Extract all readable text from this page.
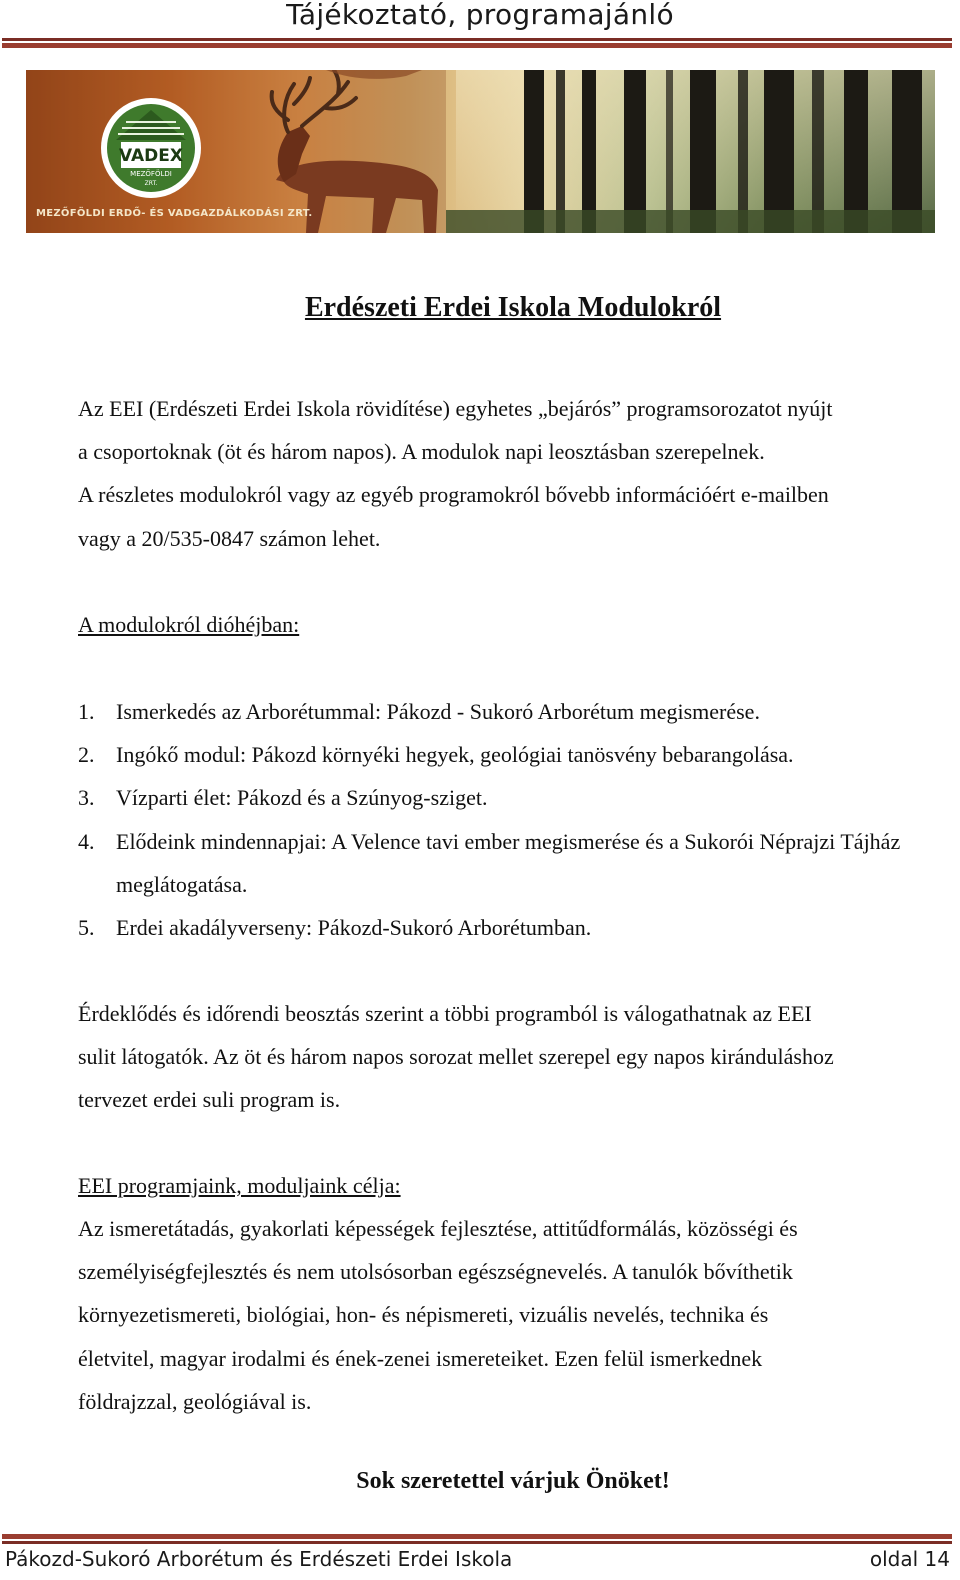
Tájékoztató, programajánló
VADEX
MEZŐFÖLDI
ZRT.
MEZŐFÖLDI ERDŐ- ÉS VADGAZDÁLKODÁSI ZRT.
Erdészeti Erdei Iskola Modulokról
Az EEI (Erdészeti Erdei Iskola rövidítése) egyhetes „bejárós” programsorozatot nyújt
a csoportoknak (öt és három napos). A modulok napi leosztásban szerepelnek.
A részletes modulokról vagy az egyéb programokról bővebb információért e-mailben
vagy a 20/535-0847 számon lehet.
A modulokról dióhéjban:
1. Ismerkedés az Arborétummal: Pákozd - Sukoró Arborétum megismerése.
2. Ingókő modul: Pákozd környéki hegyek, geológiai tanösvény bebarangolása.
3. Vízparti élet: Pákozd és a Szúnyog-sziget.
4. Elődeink mindennapjai: A Velence tavi ember megismerése és a Sukorói Néprajzi Tájház meglátogatása.
5. Erdei akadályverseny: Pákozd-Sukoró Arborétumban.
Érdeklődés és időrendi beosztás szerint a többi programból is válogathatnak az EEI
sulit látogatók. Az öt és három napos sorozat mellet szerepel egy napos kiránduláshoz
tervezet erdei suli program is.
EEI programjaink, moduljaink célja:
Az ismeretátadás, gyakorlati képességek fejlesztése, attitűdformálás, közösségi és
személyiségfejlesztés és nem utolsósorban egészségnevelés. A tanulók bővíthetik
környezetismereti, biológiai, hon- és népismereti, vizuális nevelés, technika és
életvitel, magyar irodalmi és ének-zenei ismereteiket. Ezen felül ismerkednek
földrajzzal, geológiával is.
Sok szeretettel várjuk Önöket!
Pákozd-Sukoró Arborétum és Erdészeti Erdei Iskola	oldal 14
